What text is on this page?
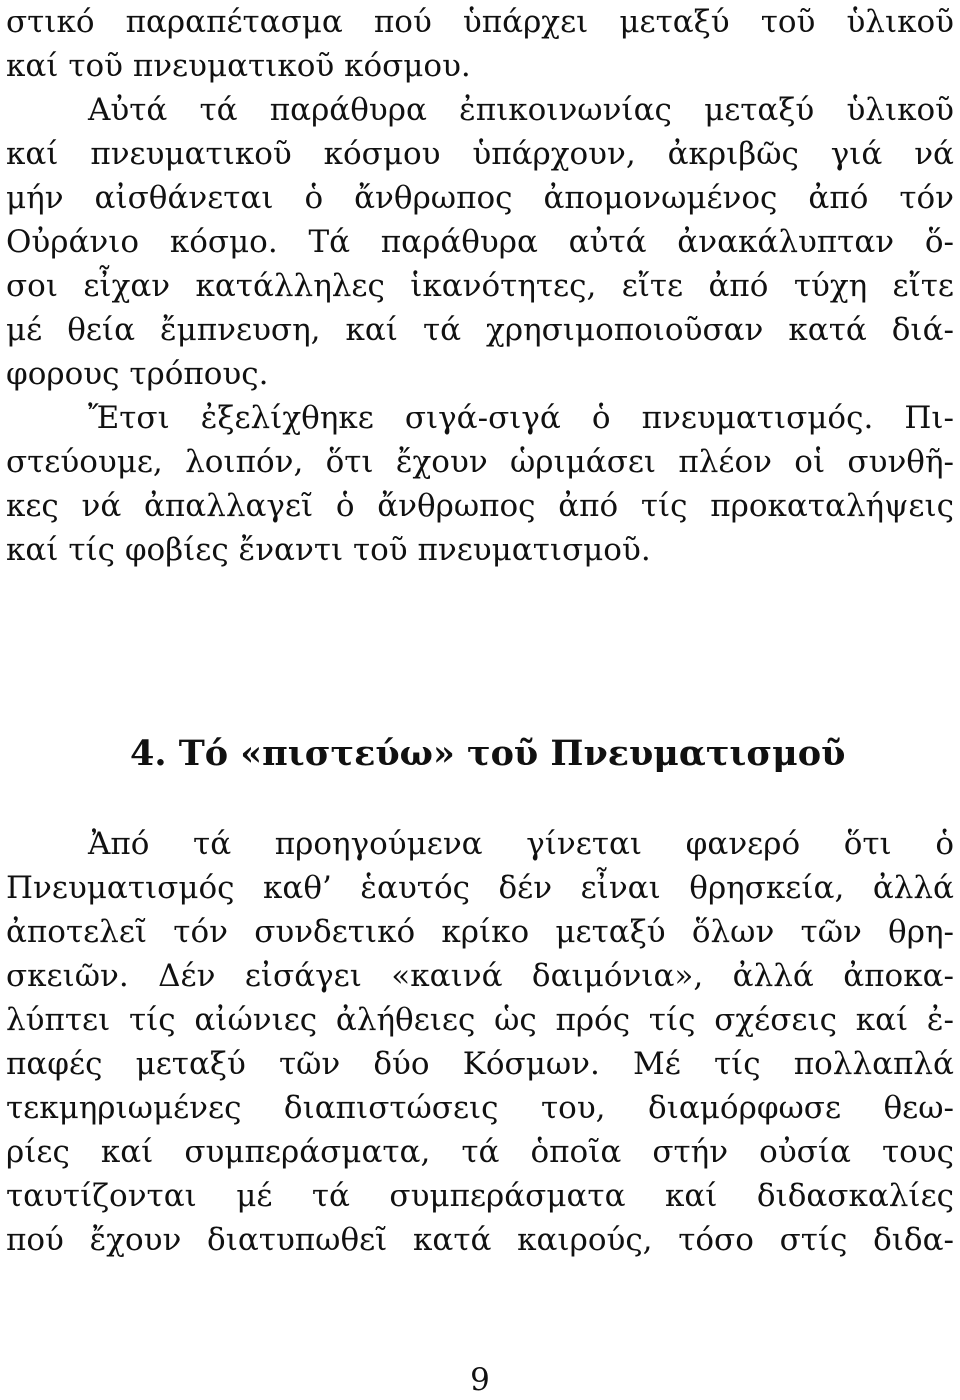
στικό παραπέτασμα πού ὑπάρχει μεταξύ τοῦ ὑλικοῦ
καί τοῦ πνευματικοῦ κόσμου.
Αὐτά τά παράθυρα ἐπικοινωνίας μεταξύ ὑλικοῦ
καί πνευματικοῦ κόσμου ὑπάρχουν, ἀκριβῶς γιά νά
μήν αἰσθάνεται ὁ ἄνθρωπος ἀπομονωμένος ἀπό τόν
Οὐράνιο κόσμο. Τά παράθυρα αὐτά ἀνακάλυπταν ὅ-
σοι εἶχαν κατάλληλες ἱκανότητες, εἴτε ἀπό τύχη εἴτε
μέ θεία ἔμπνευση, καί τά χρησιμοποιοῦσαν κατά διά-
φορους τρόπους.
Ἔτσι ἐξελίχθηκε σιγά-σιγά ὁ πνευματισμός. Πι-
στεύουμε, λοιπόν, ὅτι ἔχουν ὡριμάσει πλέον οἱ συνθῆ-
κες νά ἀπαλλαγεῖ ὁ ἄνθρωπος ἀπό τίς προκαταλήψεις
καί τίς φοβίες ἔναντι τοῦ πνευματισμοῦ.
4. Τό «πιστεύω» τοῦ Πνευματισμοῦ
Ἀπό τά προηγούμενα γίνεται φανερό ὅτι ὁ
Πνευματισμός καθ’ ἑαυτός δέν εἶναι θρησκεία, ἀλλά
ἀποτελεῖ τόν συνδετικό κρίκο μεταξύ ὅλων τῶν θρη-
σκειῶν. Δέν εἰσάγει «καινά δαιμόνια», ἀλλά ἀποκα-
λύπτει τίς αἰώνιες ἀλήθειες ὡς πρός τίς σχέσεις καί ἐ-
παφές μεταξύ τῶν δύο Κόσμων. Μέ τίς πολλαπλά
τεκμηριωμένες διαπιστώσεις του, διαμόρφωσε θεω-
ρίες καί συμπεράσματα, τά ὁποῖα στήν οὐσία τους
ταυτίζονται μέ τά συμπεράσματα καί διδασκαλίες
πού ἔχουν διατυπωθεῖ κατά καιρούς, τόσο στίς διδα-
9
